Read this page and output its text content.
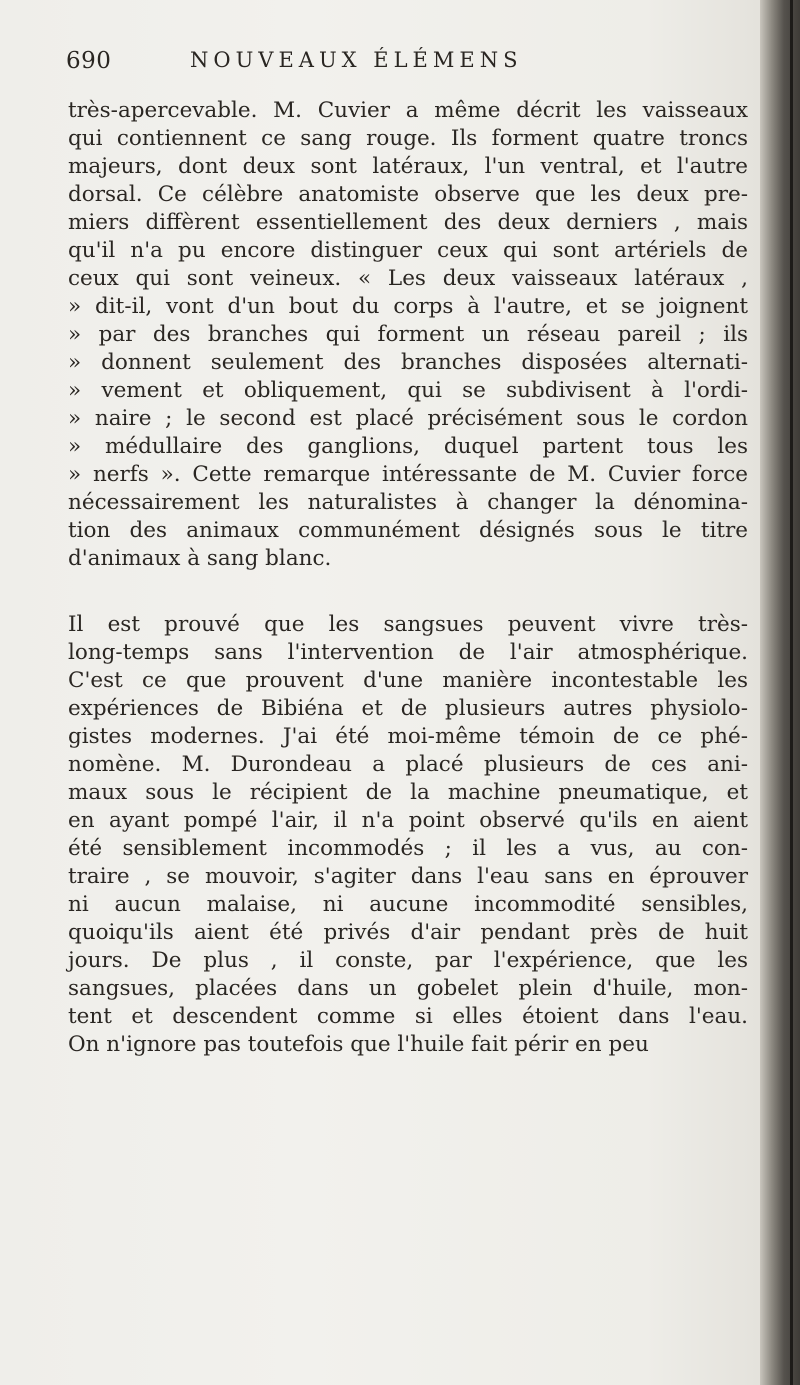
690	NOUVEAUX ÉLÉMENS

très-apercevable. M. Cuvier a même décrit les vaisseaux
qui contiennent ce sang rouge. Ils forment quatre troncs
majeurs, dont deux sont latéraux, l'un ventral, et l'autre
dorsal. Ce célèbre anatomiste observe que les deux pre-
miers diffèrent essentiellement des deux derniers , mais
qu'il n'a pu encore distinguer ceux qui sont artériels de
ceux qui sont veineux. « Les deux vaisseaux latéraux ,
» dit-il, vont d'un bout du corps à l'autre, et se joignent
» par des branches qui forment un réseau pareil ; ils
» donnent seulement des branches disposées alternati-
» vement et obliquement, qui se subdivisent à l'ordi-
» naire ; le second est placé précisément sous le cordon
» médullaire des ganglions, duquel partent tous les
» nerfs ». Cette remarque intéressante de M. Cuvier force
nécessairement les naturalistes à changer la dénomina-
tion des animaux communément désignés sous le titre
d'animaux à sang blanc.

Il est prouvé que les sangsues peuvent vivre très-
long-temps sans l'intervention de l'air atmosphérique.
C'est ce que prouvent d'une manière incontestable les
expériences de Bibiéna et de plusieurs autres physiolo-
gistes modernes. J'ai été moi-même témoin de ce phé-
nomène. M. Durondeau a placé plusieurs de ces ani-
maux sous le récipient de la machine pneumatique, et
en ayant pompé l'air, il n'a point observé qu'ils en aient
été sensiblement incommodés ; il les a vus, au con-
traire , se mouvoir, s'agiter dans l'eau sans en éprouver
ni aucun malaise, ni aucune incommodité sensibles,
quoiqu'ils aient été privés d'air pendant près de huit
jours. De plus , il conste, par l'expérience, que les
sangsues, placées dans un gobelet plein d'huile, mon-
tent et descendent comme si elles étoient dans l'eau.
On n'ignore pas toutefois que l'huile fait périr en peu
